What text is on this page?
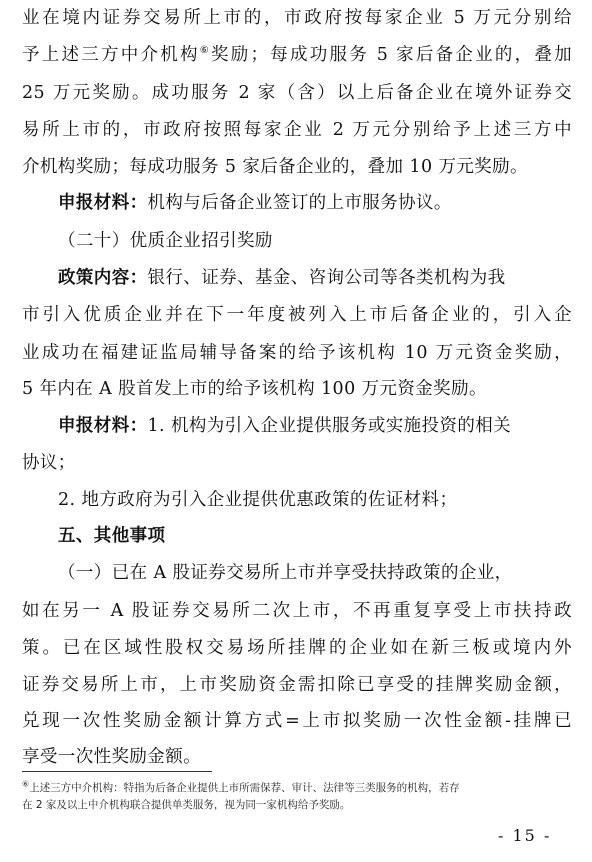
业在境内证券交易所上市的，市政府按每家企业 5 万元分别给
予上述三方中介机构⑥奖励；每成功服务 5 家后备企业的，叠加
25 万元奖励。成功服务 2 家（含）以上后备企业在境外证券交
易所上市的，市政府按照每家企业 2 万元分别给予上述三方中
介机构奖励；每成功服务 5 家后备企业的，叠加 10 万元奖励。
申报材料：机构与后备企业签订的上市服务协议。
（二十）优质企业招引奖励
政策内容：银行、证券、基金、咨询公司等各类机构为我
市引入优质企业并在下一年度被列入上市后备企业的，引入企
业成功在福建证监局辅导备案的给予该机构 10 万元资金奖励，
5 年内在 A 股首发上市的给予该机构 100 万元资金奖励。
申报材料：1. 机构为引入企业提供服务或实施投资的相关
协议；
2. 地方政府为引入企业提供优惠政策的佐证材料；
五、其他事项
（一）已在 A 股证券交易所上市并享受扶持政策的企业，
如在另一 A 股证券交易所二次上市，不再重复享受上市扶持政
策。已在区域性股权交易场所挂牌的企业如在新三板或境内外
证券交易所上市，上市奖励资金需扣除已享受的挂牌奖励金额，
兑现一次性奖励金额计算方式=上市拟奖励一次性金额-挂牌已
享受一次性奖励金额。
⑥上述三方中介机构：特指为后备企业提供上市所需保荐、审计、法律等三类服务的机构，若存
在 2 家及以上中介机构联合提供单类服务，视为同一家机构给予奖励。
- 15 -
